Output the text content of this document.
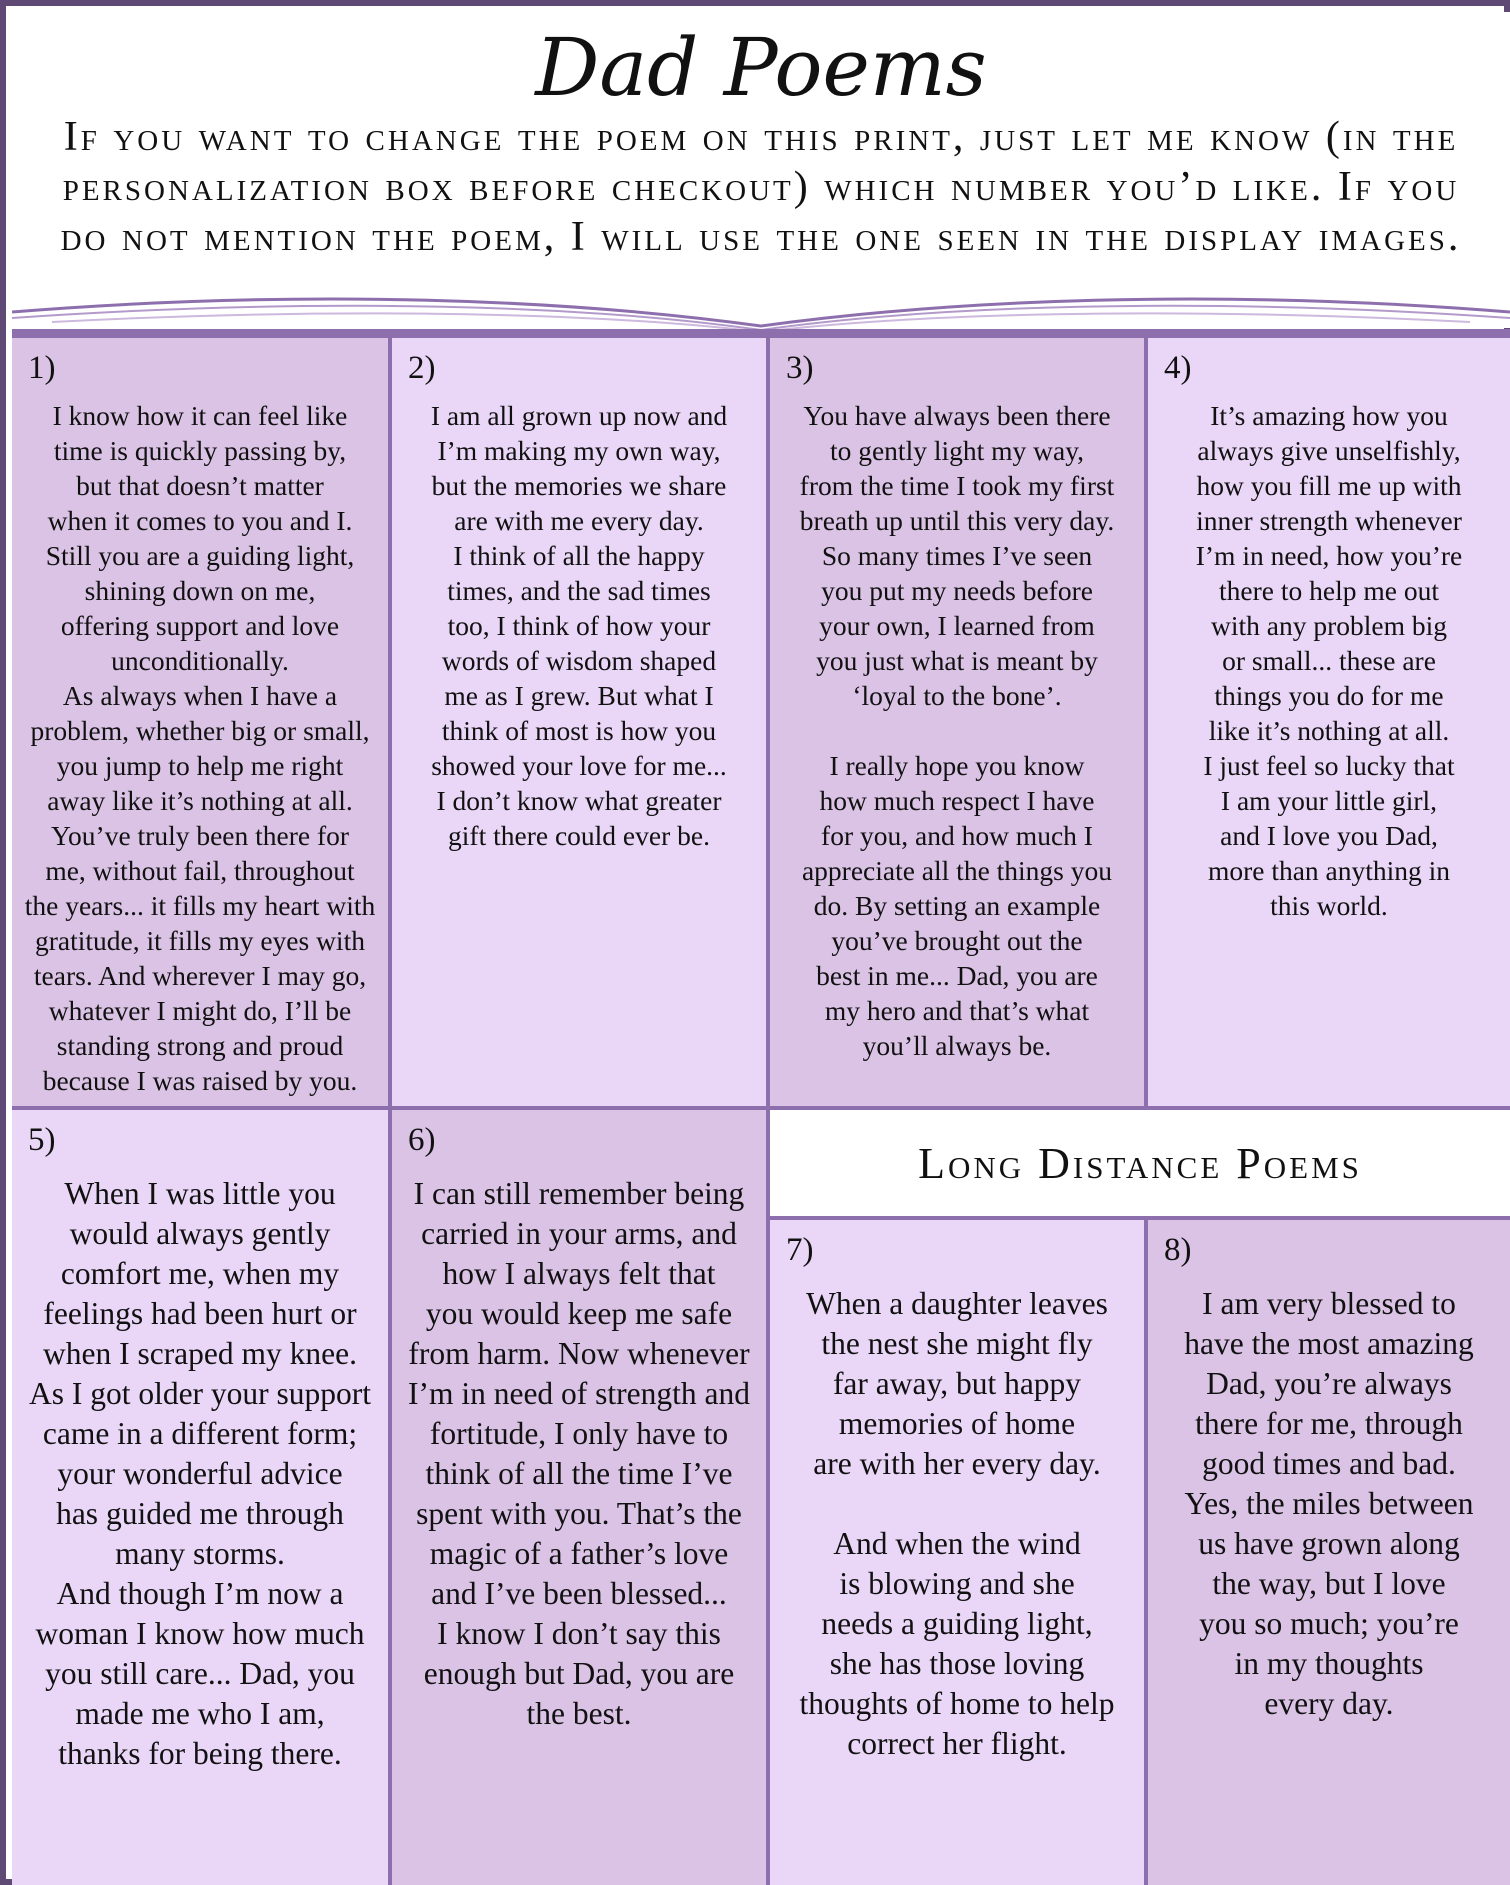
Dad Poems
If you want to change the poem on this print, just let me know (in the personalization box before checkout) which number you’d like. If you do not mention the poem, I will use the one seen in the display images.
1)
I know how it can feel like
time is quickly passing by,
but that doesn’t matter
when it comes to you and I.
Still you are a guiding light,
shining down on me,
offering support and love
unconditionally.
As always when I have a
problem, whether big or small,
you jump to help me right
away like it’s nothing at all.
You’ve truly been there for
me, without fail, throughout
the years... it fills my heart with
gratitude, it fills my eyes with
tears. And wherever I may go,
whatever I might do, I’ll be
standing strong and proud
because I was raised by you.
2)
I am all grown up now and
I’m making my own way,
but the memories we share
are with me every day.
I think of all the happy
times, and the sad times
too, I think of how your
words of wisdom shaped
me as I grew. But what I
think of most is how you
showed your love for me...
I don’t know what greater
gift there could ever be.
3)
You have always been there
to gently light my way,
from the time I took my first
breath up until this very day.
So many times I’ve seen
you put my needs before
your own, I learned from
you just what is meant by
‘loyal to the bone’.

I really hope you know
how much respect I have
for you, and how much I
appreciate all the things you
do. By setting an example
you’ve brought out the
best in me... Dad, you are
my hero and that’s what
you’ll always be.
4)
It’s amazing how you
always give unselfishly,
how you fill me up with
inner strength whenever
I’m in need, how you’re
there to help me out
with any problem big
or small... these are
things you do for me
like it’s nothing at all.
I just feel so lucky that
I am your little girl,
and I love you Dad,
more than anything in
this world.
5)
When I was little you
would always gently
comfort me, when my
feelings had been hurt or
when I scraped my knee.
As I got older your support
came in a different form;
your wonderful advice
has guided me through
many storms.
And though I’m now a
woman I know how much
you still care... Dad, you
made me who I am,
thanks for being there.
6)
I can still remember being
carried in your arms, and
how I always felt that
you would keep me safe
from harm. Now whenever
I’m in need of strength and
fortitude, I only have to
think of all the time I’ve
spent with you. That’s the
magic of a father’s love
and I’ve been blessed...
I know I don’t say this
enough but Dad, you are
the best.
Long Distance Poems
7)
When a daughter leaves
the nest she might fly
far away, but happy
memories of home
are with her every day.

And when the wind
is blowing and she
needs a guiding light,
she has those loving
thoughts of home to help
correct her flight.
8)
I am very blessed to
have the most amazing
Dad, you’re always
there for me, through
good times and bad.
Yes, the miles between
us have grown along
the way, but I love
you so much; you’re
in my thoughts
every day.
